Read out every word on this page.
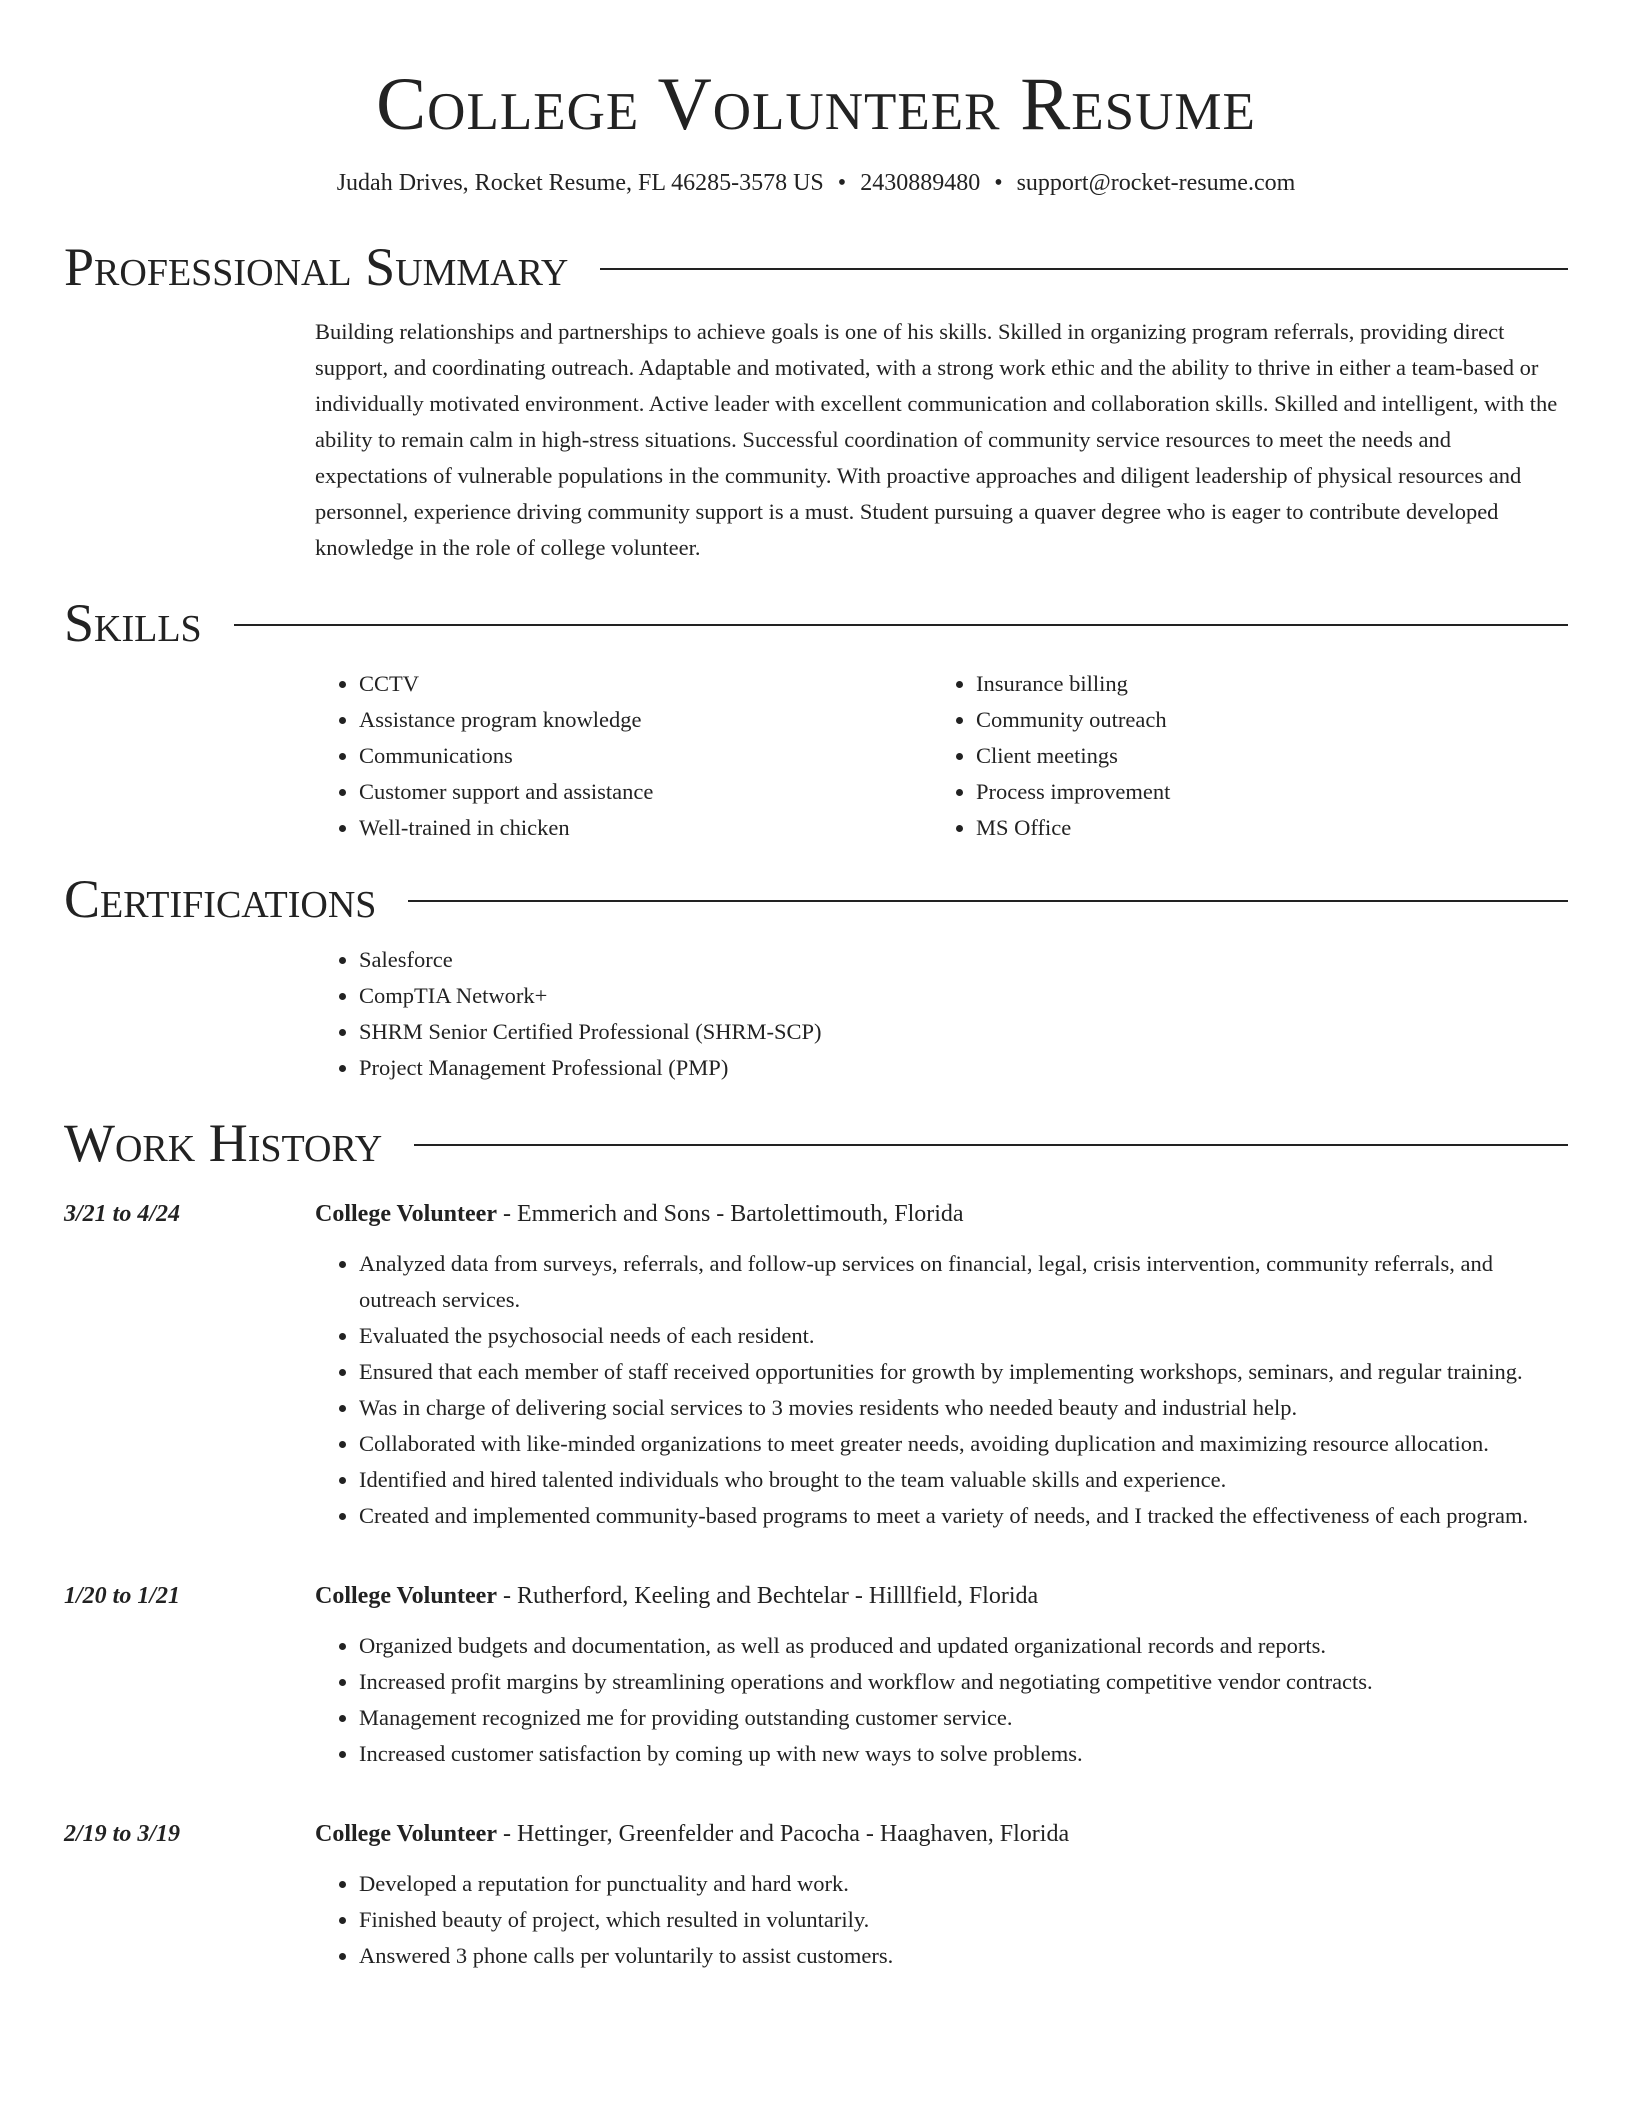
College Volunteer Resume
Judah Drives, Rocket Resume, FL 46285-3578 US • 2430889480 • support@rocket-resume.com
Professional Summary
Building relationships and partnerships to achieve goals is one of his skills. Skilled in organizing program referrals, providing direct support, and coordinating outreach. Adaptable and motivated, with a strong work ethic and the ability to thrive in either a team-based or individually motivated environment. Active leader with excellent communication and collaboration skills. Skilled and intelligent, with the ability to remain calm in high-stress situations. Successful coordination of community service resources to meet the needs and expectations of vulnerable populations in the community. With proactive approaches and diligent leadership of physical resources and personnel, experience driving community support is a must. Student pursuing a quaver degree who is eager to contribute developed knowledge in the role of college volunteer.
Skills
• CCTV
• Assistance program knowledge
• Communications
• Customer support and assistance
• Well-trained in chicken
• Insurance billing
• Community outreach
• Client meetings
• Process improvement
• MS Office
Certifications
• Salesforce
• CompTIA Network+
• SHRM Senior Certified Professional (SHRM-SCP)
• Project Management Professional (PMP)
Work History
3/21 to 4/24	College Volunteer - Emmerich and Sons - Bartolettimouth, Florida
• Analyzed data from surveys, referrals, and follow-up services on financial, legal, crisis intervention, community referrals, and outreach services.
• Evaluated the psychosocial needs of each resident.
• Ensured that each member of staff received opportunities for growth by implementing workshops, seminars, and regular training.
• Was in charge of delivering social services to 3 movies residents who needed beauty and industrial help.
• Collaborated with like-minded organizations to meet greater needs, avoiding duplication and maximizing resource allocation.
• Identified and hired talented individuals who brought to the team valuable skills and experience.
• Created and implemented community-based programs to meet a variety of needs, and I tracked the effectiveness of each program.
1/20 to 1/21	College Volunteer - Rutherford, Keeling and Bechtelar - Hilllfield, Florida
• Organized budgets and documentation, as well as produced and updated organizational records and reports.
• Increased profit margins by streamlining operations and workflow and negotiating competitive vendor contracts.
• Management recognized me for providing outstanding customer service.
• Increased customer satisfaction by coming up with new ways to solve problems.
2/19 to 3/19	College Volunteer - Hettinger, Greenfelder and Pacocha - Haaghaven, Florida
• Developed a reputation for punctuality and hard work.
• Finished beauty of project, which resulted in voluntarily.
• Answered 3 phone calls per voluntarily to assist customers.
